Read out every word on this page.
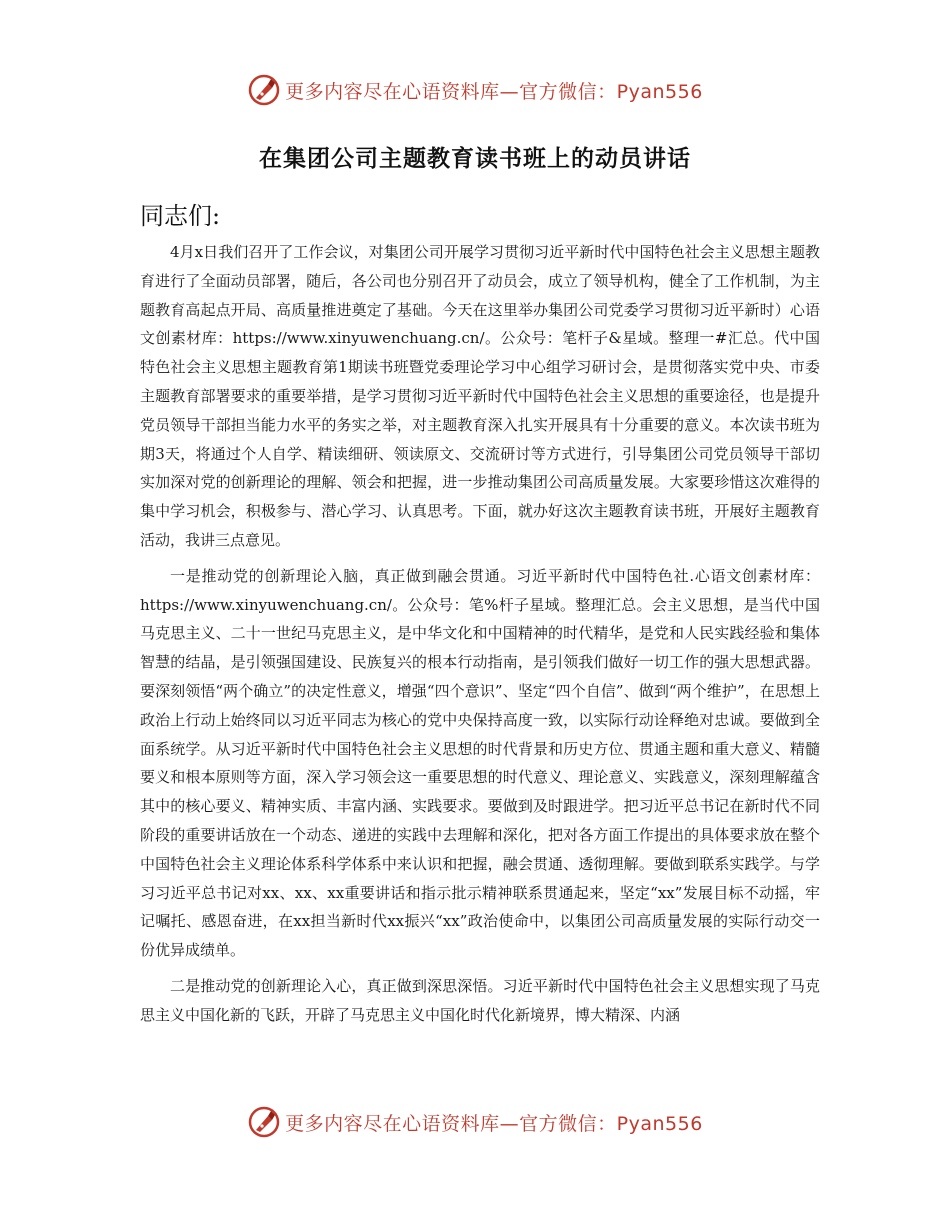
更多内容尽在心语资料库—官方微信：Pyan556
在集团公司主题教育读书班上的动员讲话

同志们:

4月x日我们召开了工作会议，对集团公司开展学习贯彻习近平新时代中国特色社会主义思想主题教育进行了全面动员部署，随后，各公司也分别召开了动员会，成立了领导机构，健全了工作机制，为主题教育高起点开局、高质量推进奠定了基础。今天在这里举办集团公司党委学习贯彻习近平新时）心语文创素材库：https://www.xinyuwenchuang.cn/。公众号：笔杆子&星域。整理一#汇总。代中国特色社会主义思想主题教育第1期读书班暨党委理论学习中心组学习研讨会，是贯彻落实党中央、市委主题教育部署要求的重要举措，是学习贯彻习近平新时代中国特色社会主义思想的重要途径，也是提升党员领导干部担当能力水平的务实之举，对主题教育深入扎实开展具有十分重要的意义。本次读书班为期3天，将通过个人自学、精读细研、领读原文、交流研讨等方式进行，引导集团公司党员领导干部切实加深对党的创新理论的理解、领会和把握，进一步推动集团公司高质量发展。大家要珍惜这次难得的集中学习机会，积极参与、潜心学习、认真思考。下面，就办好这次主题教育读书班，开展好主题教育活动，我讲三点意见。

一是推动党的创新理论入脑，真正做到融会贯通。习近平新时代中国特色社.心语文创素材库：https://www.xinyuwenchuang.cn/。公众号：笔%杆子星域。整理汇总。会主义思想，是当代中国马克思主义、二十一世纪马克思主义，是中华文化和中国精神的时代精华，是党和人民实践经验和集体智慧的结晶，是引领强国建设、民族复兴的根本行动指南，是引领我们做好一切工作的强大思想武器。要深刻领悟“两个确立”的决定性意义，增强“四个意识”、坚定“四个自信”、做到“两个维护”，在思想上政治上行动上始终同以习近平同志为核心的党中央保持高度一致，以实际行动诠释绝对忠诚。要做到全面系统学。从习近平新时代中国特色社会主义思想的时代背景和历史方位、贯通主题和重大意义、精髓要义和根本原则等方面，深入学习领会这一重要思想的时代意义、理论意义、实践意义，深刻理解蕴含其中的核心要义、精神实质、丰富内涵、实践要求。要做到及时跟进学。把习近平总书记在新时代不同阶段的重要讲话放在一个动态、递进的实践中去理解和深化，把对各方面工作提出的具体要求放在整个中国特色社会主义理论体系科学体系中来认识和把握，融会贯通、透彻理解。要做到联系实践学。与学习习近平总书记对xx、xx、xx重要讲话和指示批示精神联系贯通起来，坚定“xx”发展目标不动摇，牢记嘱托、感恩奋进，在xx担当新时代xx振兴“xx”政治使命中，以集团公司高质量发展的实际行动交一份优异成绩单。

二是推动党的创新理论入心，真正做到深思深悟。习近平新时代中国特色社会主义思想实现了马克思主义中国化新的飞跃，开辟了马克思主义中国化时代化新境界，博大精深、内涵

更多内容尽在心语资料库—官方微信：Pyan556
